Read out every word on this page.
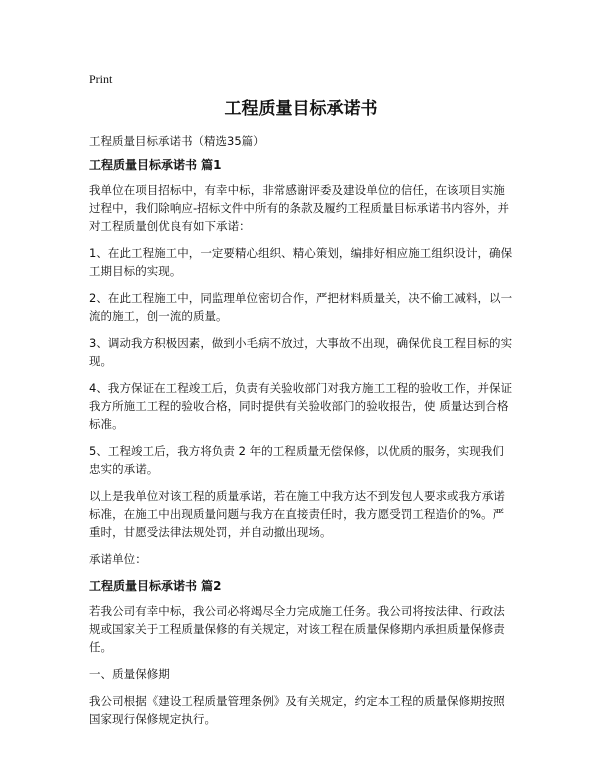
Print
工程质量目标承诺书
工程质量目标承诺书（精选35篇）
工程质量目标承诺书 篇1

我单位在项目招标中，有幸中标，非常感谢评委及建设单位的信任，在该项目实施过程中，我们除响应-招标文件中所有的条款及履约工程质量目标承诺书内容外，并对工程质量创优良有如下承诺：

1、在此工程施工中，一定要精心组织、精心策划，编排好相应施工组织设计，确保工期目标的实现。

2、在此工程施工中，同监理单位密切合作，严把材料质量关，决不偷工减料，以一流的施工，创一流的质量。

3、调动我方积极因素，做到小毛病不放过，大事故不出现，确保优良工程目标的实现。

4、我方保证在工程竣工后，负责有关验收部门对我方施工工程的验收工作，并保证我方所施工工程的验收合格，同时提供有关验收部门的验收报告，使 质量达到合格标准。

5、工程竣工后，我方将负责 2 年的工程质量无偿保修，以优质的服务，实现我们忠实的承诺。

以上是我单位对该工程的质量承诺，若在施工中我方达不到发包人要求或我方承诺标准，在施工中出现质量问题与我方在直接责任时，我方愿受罚工程造价的%。严重时，甘愿受法律法规处罚，并自动撤出现场。

承诺单位：

工程质量目标承诺书 篇2

若我公司有幸中标，我公司必将竭尽全力完成施工任务。我公司将按法律、行政法规或国家关于工程质量保修的有关规定，对该工程在质量保修期内承担质量保修责任。

一、质量保修期

我公司根据《建设工程质量管理条例》及有关规定，约定本工程的质量保修期按照国家现行保修规定执行。
